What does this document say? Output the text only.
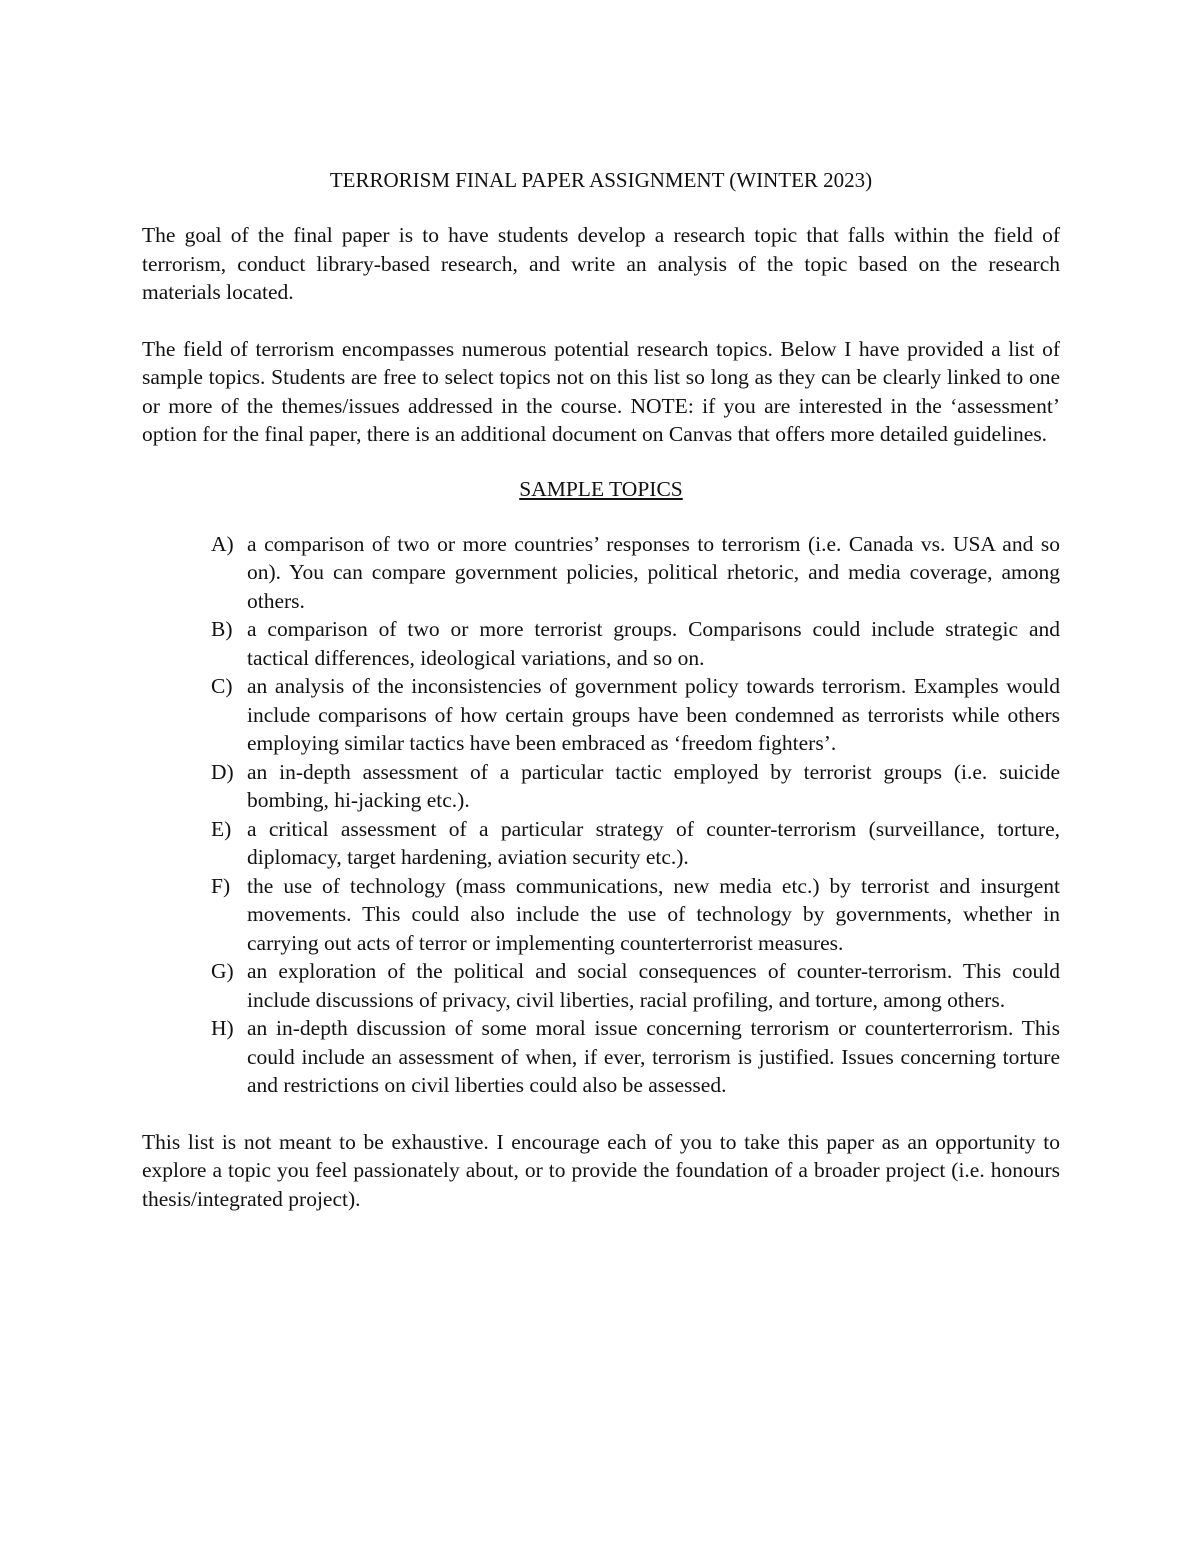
TERRORISM FINAL PAPER ASSIGNMENT (WINTER 2023)

The goal of the final paper is to have students develop a research topic that falls within the field of terrorism, conduct library-based research, and write an analysis of the topic based on the research materials located.

The field of terrorism encompasses numerous potential research topics. Below I have provided a list of sample topics. Students are free to select topics not on this list so long as they can be clearly linked to one or more of the themes/issues addressed in the course. NOTE: if you are interested in the ‘assessment’ option for the final paper, there is an additional document on Canvas that offers more detailed guidelines.

SAMPLE TOPICS
A) a comparison of two or more countries’ responses to terrorism (i.e. Canada vs. USA and so on). You can compare government policies, political rhetoric, and media coverage, among others.
B) a comparison of two or more terrorist groups. Comparisons could include strategic and tactical differences, ideological variations, and so on.
C) an analysis of the inconsistencies of government policy towards terrorism. Examples would include comparisons of how certain groups have been condemned as terrorists while others employing similar tactics have been embraced as ‘freedom fighters’.
D) an in-depth assessment of a particular tactic employed by terrorist groups (i.e. suicide bombing, hi-jacking etc.).
E) a critical assessment of a particular strategy of counter-terrorism (surveillance, torture, diplomacy, target hardening, aviation security etc.).
F) the use of technology (mass communications, new media etc.) by terrorist and insurgent movements. This could also include the use of technology by governments, whether in carrying out acts of terror or implementing counterterrorist measures.
G) an exploration of the political and social consequences of counter-terrorism. This could include discussions of privacy, civil liberties, racial profiling, and torture, among others.
H) an in-depth discussion of some moral issue concerning terrorism or counterterrorism. This could include an assessment of when, if ever, terrorism is justified. Issues concerning torture and restrictions on civil liberties could also be assessed.

This list is not meant to be exhaustive. I encourage each of you to take this paper as an opportunity to explore a topic you feel passionately about, or to provide the foundation of a broader project (i.e. honours thesis/integrated project).
